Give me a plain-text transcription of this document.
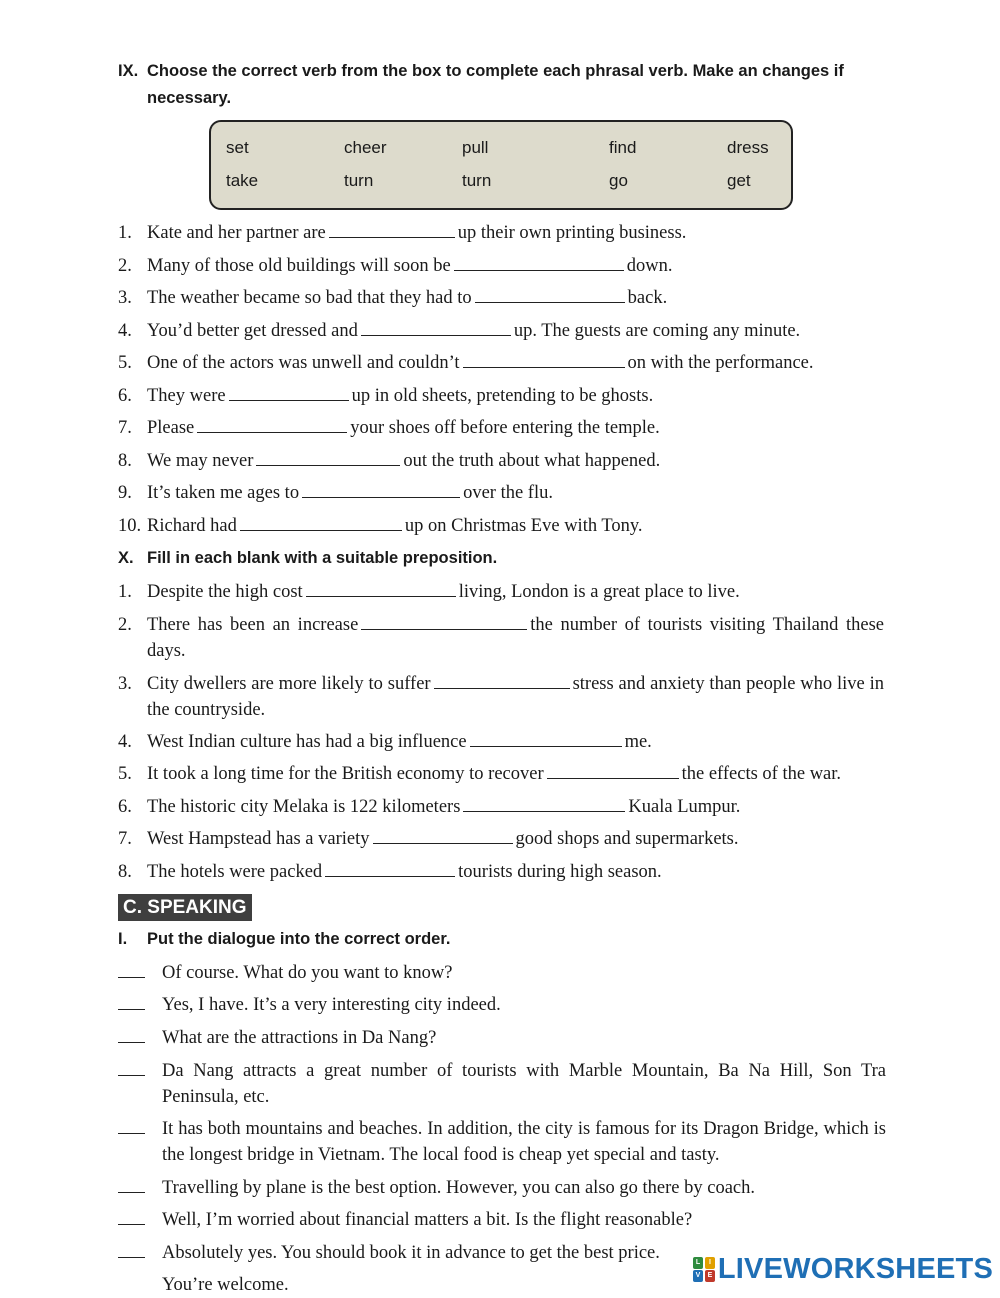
IX. Choose the correct verb from the box to complete each phrasal verb. Make an changes if necessary.
set	cheer	pull	find	dress
take	turn	turn	go	get
1. Kate and her partner are	up their own printing business.
2. Many of those old buildings will soon be	down.
3. The weather became so bad that they had to	back.
4. You’d better get dressed and	up. The guests are coming any minute.
5. One of the actors was unwell and couldn’t	on with the performance.
6. They were	up in old sheets, pretending to be ghosts.
7. Please	your shoes off before entering the temple.
8. We may never	out the truth about what happened.
9. It’s taken me ages to	over the flu.
10. Richard had	up on Christmas Eve with Tony.
X. Fill in each blank with a suitable preposition.
1. Despite the high cost	living, London is a great place to live.
2. There has been an increase	the number of tourists visiting Thailand these days.
3. City dwellers are more likely to suffer	stress and anxiety than people who live in the countryside.
4. West Indian culture has had a big influence	me.
5. It took a long time for the British economy to recover	the effects of the war.
6. The historic city Melaka is 122 kilometers	Kuala Lumpur.
7. West Hampstead has a variety	good shops and supermarkets.
8. The hotels were packed	tourists during high season.
C. SPEAKING
I. Put the dialogue into the correct order.
Of course. What do you want to know?
Yes, I have. It’s a very interesting city indeed.
What are the attractions in Da Nang?
Da Nang attracts a great number of tourists with Marble Mountain, Ba Na Hill, Son Tra Peninsula, etc.
It has both mountains and beaches. In addition, the city is famous for its Dragon Bridge, which is the longest bridge in Vietnam. The local food is cheap yet special and tasty.
Travelling by plane is the best option. However, you can also go there by coach.
Well, I’m worried about financial matters a bit. Is the flight reasonable?
Absolutely yes. You should book it in advance to get the best price.
You’re welcome.
L	I
V	E LIVEWORKSHEETS
